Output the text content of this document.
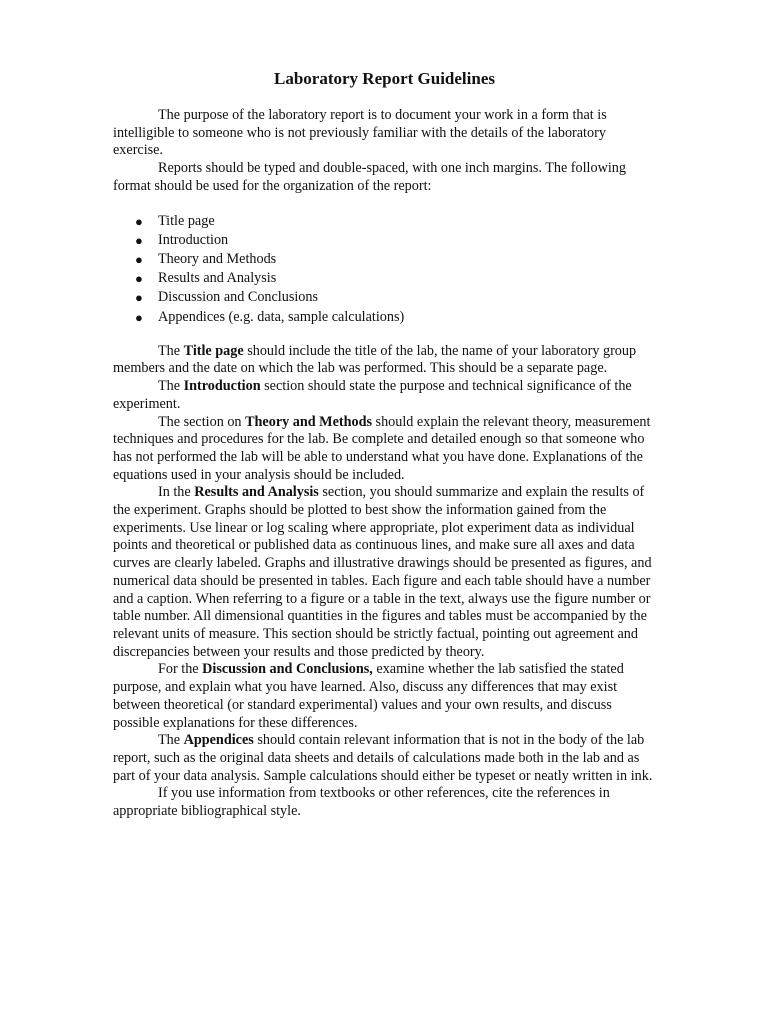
Laboratory Report Guidelines

The purpose of the laboratory report is to document your work in a form that is intelligible to someone who is not previously familiar with the details of the laboratory exercise.

Reports should be typed and double-spaced, with one inch margins. The following format should be used for the organization of the report:

● Title page
● Introduction
● Theory and Methods
● Results and Analysis
● Discussion and Conclusions
● Appendices (e.g. data, sample calculations)

The Title page should include the title of the lab, the name of your laboratory group members and the date on which the lab was performed. This should be a separate page.

The Introduction section should state the purpose and technical significance of the experiment.

The section on Theory and Methods should explain the relevant theory, measurement techniques and procedures for the lab. Be complete and detailed enough so that someone who has not performed the lab will be able to understand what you have done. Explanations of the equations used in your analysis should be included.

In the Results and Analysis section, you should summarize and explain the results of the experiment. Graphs should be plotted to best show the information gained from the experiments. Use linear or log scaling where appropriate, plot experiment data as individual points and theoretical or published data as continuous lines, and make sure all axes and data curves are clearly labeled. Graphs and illustrative drawings should be presented as figures, and numerical data should be presented in tables. Each figure and each table should have a number and a caption. When referring to a figure or a table in the text, always use the figure number or table number. All dimensional quantities in the figures and tables must be accompanied by the relevant units of measure. This section should be strictly factual, pointing out agreement and discrepancies between your results and those predicted by theory.

For the Discussion and Conclusions, examine whether the lab satisfied the stated purpose, and explain what you have learned. Also, discuss any differences that may exist between theoretical (or standard experimental) values and your own results, and discuss possible explanations for these differences.

The Appendices should contain relevant information that is not in the body of the lab report, such as the original data sheets and details of calculations made both in the lab and as part of your data analysis. Sample calculations should either be typeset or neatly written in ink.

If you use information from textbooks or other references, cite the references in appropriate bibliographical style.
